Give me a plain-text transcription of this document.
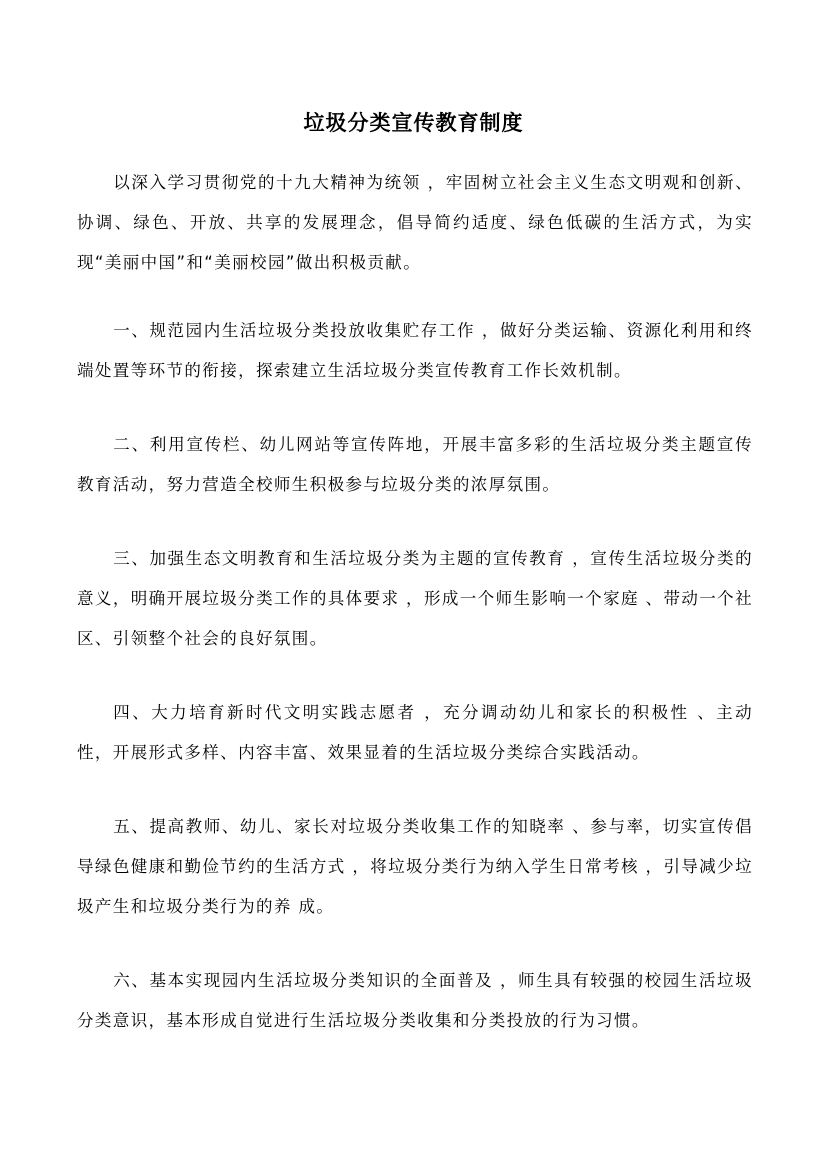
垃圾分类宣传教育制度

以深入学习贯彻党的十九大精神为统领 ，牢固树立社会主义生态文明观和创新、协调、绿色、开放、共享的发展理念，倡导简约适度、绿色低碳的生活方式，为实现“美丽中国”和“美丽校园”做出积极贡献。

一、规范园内生活垃圾分类投放收集贮存工作 ，做好分类运输、资源化利用和终端处置等环节的衔接，探索建立生活垃圾分类宣传教育工作长效机制。

二、利用宣传栏、幼儿网站等宣传阵地，开展丰富多彩的生活垃圾分类主题宣传教育活动，努力营造全校师生积极参与垃圾分类的浓厚氛围。

三、加强生态文明教育和生活垃圾分类为主题的宣传教育 ，宣传生活垃圾分类的意义，明确开展垃圾分类工作的具体要求 ，形成一个师生影响一个家庭 、带动一个社区、引领整个社会的良好氛围。

四、大力培育新时代文明实践志愿者 ，充分调动幼儿和家长的积极性 、主动性，开展形式多样、内容丰富、效果显着的生活垃圾分类综合实践活动。

五、提高教师、幼儿、家长对垃圾分类收集工作的知晓率 、参与率，切实宣传倡导绿色健康和勤俭节约的生活方式 ，将垃圾分类行为纳入学生日常考核 ，引导减少垃圾产生和垃圾分类行为的养 成。

六、基本实现园内生活垃圾分类知识的全面普及 ，师生具有较强的校园生活垃圾分类意识，基本形成自觉进行生活垃圾分类收集和分类投放的行为习惯。
